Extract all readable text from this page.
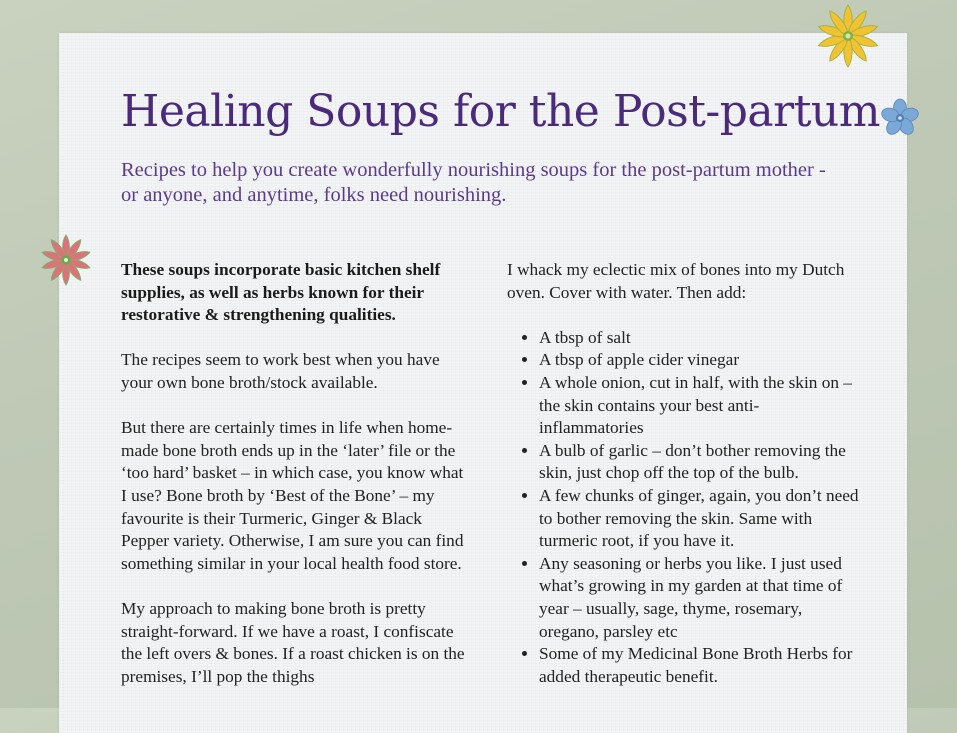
Healing Soups for the Post-partum

Recipes to help you create wonderfully nourishing soups for the post-partum mother - or anyone, and anytime, folks need nourishing.

These soups incorporate basic kitchen shelf supplies, as well as herbs known for their restorative & strengthening qualities.

The recipes seem to work best when you have your own bone broth/stock available.

But there are certainly times in life when home-made bone broth ends up in the ‘later’ file or the ‘too hard’ basket – in which case, you know what I use? Bone broth by ‘Best of the Bone’ – my favourite is their Turmeric, Ginger & Black Pepper variety. Otherwise, I am sure you can find something similar in your local health food store.

My approach to making bone broth is pretty straight-forward. If we have a roast, I confiscate the left overs & bones. If a roast chicken is on the premises, I’ll pop the thighs

I whack my eclectic mix of bones into my Dutch oven. Cover with water. Then add:

• A tbsp of salt
• A tbsp of apple cider vinegar
• A whole onion, cut in half, with the skin on – the skin contains your best anti-inflammatories
• A bulb of garlic – don’t bother removing the skin, just chop off the top of the bulb.
• A few chunks of ginger, again, you don’t need to bother removing the skin. Same with turmeric root, if you have it.
• Any seasoning or herbs you like. I just used what’s growing in my garden at that time of year – usually, sage, thyme, rosemary, oregano, parsley etc
• Some of my Medicinal Bone Broth Herbs for added therapeutic benefit.
